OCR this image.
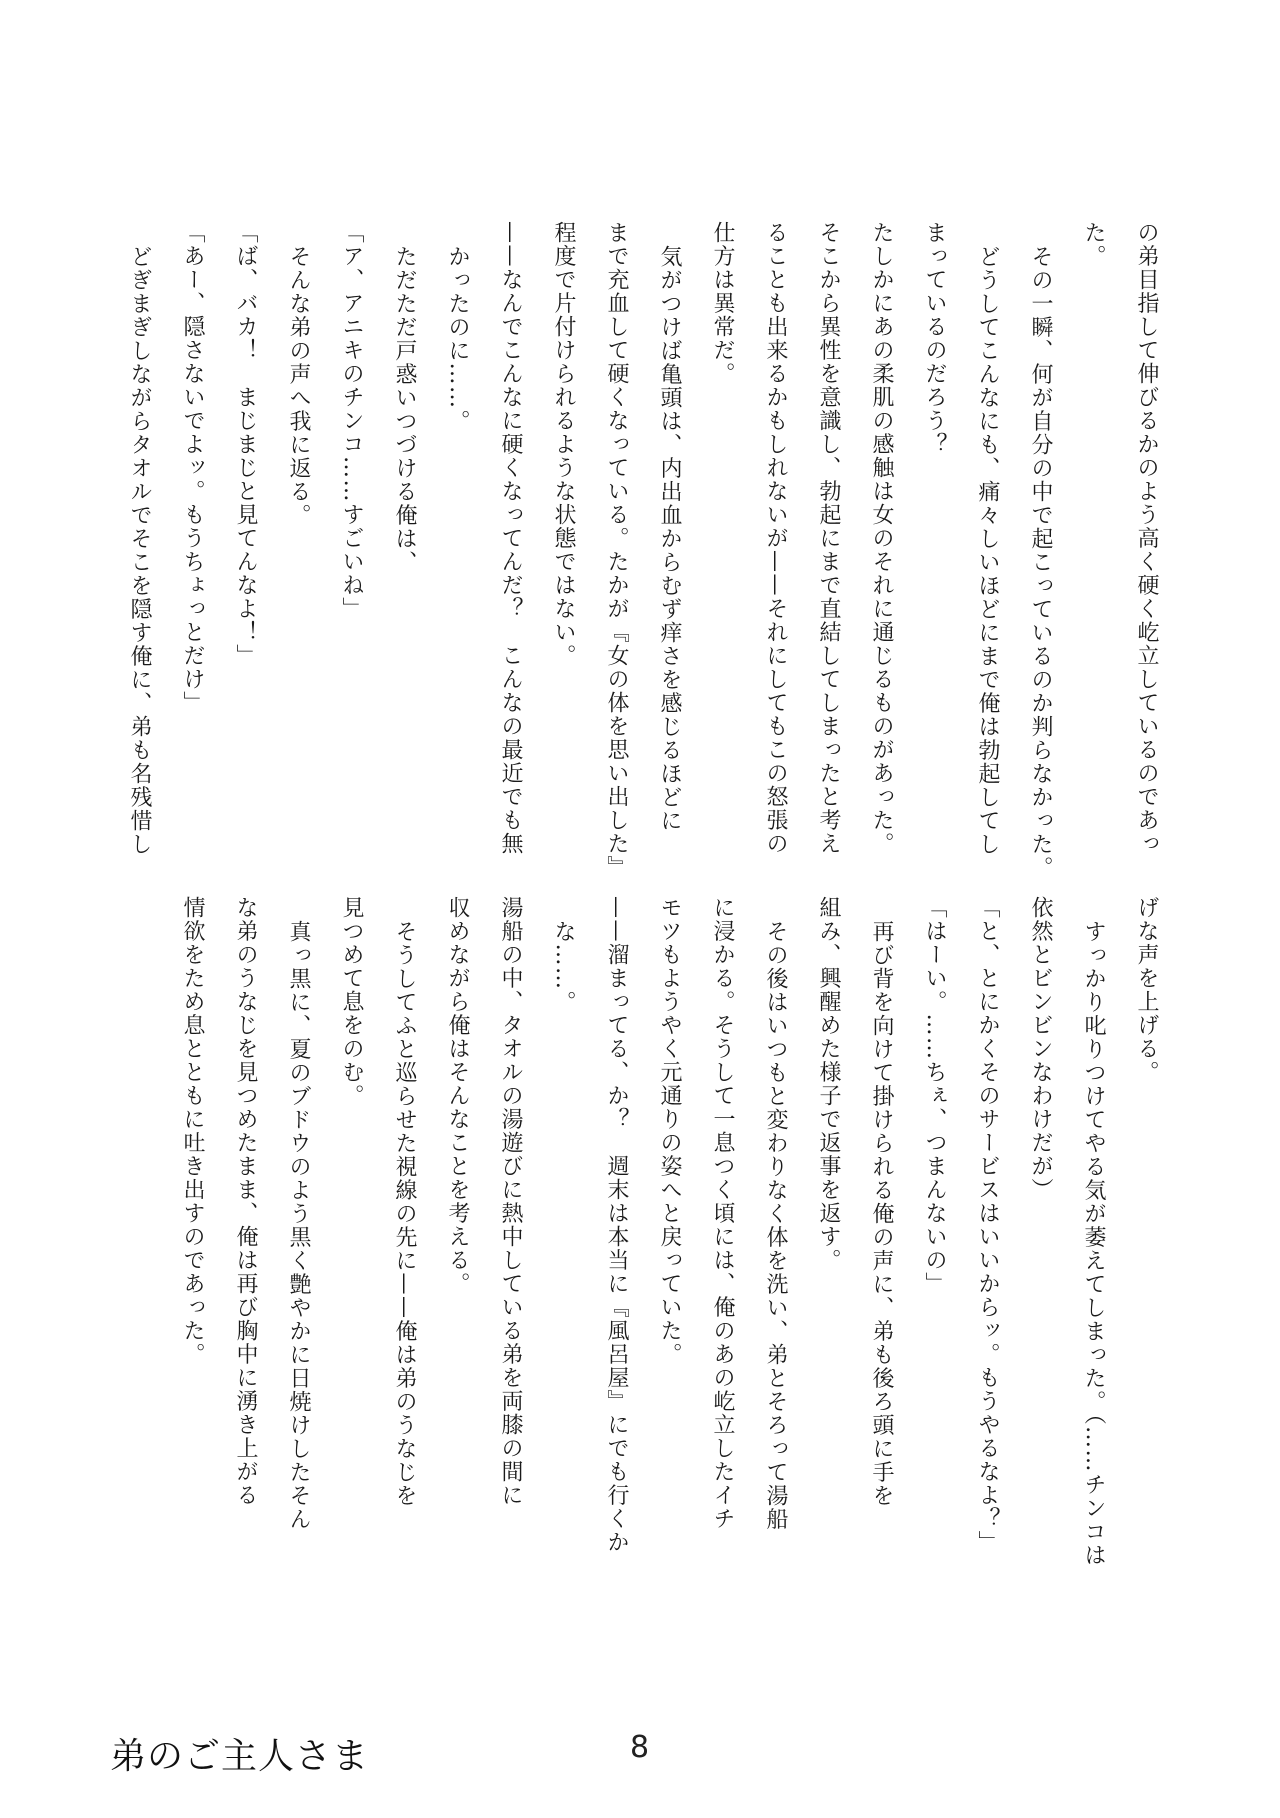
の弟目指して伸びるかのよう高く硬く屹立しているのであっ
た。
その一瞬、何が自分の中で起こっているのか判らなかった。
どうしてこんなにも、痛々しいほどにまで俺は勃起してし
まっているのだろう？
たしかにあの柔肌の感触は女のそれに通じるものがあった。
そこから異性を意識し、勃起にまで直結してしまったと考え
ることも出来るかもしれないが——それにしてもこの怒張の
仕方は異常だ。
気がつけば亀頭は、内出血からむず痒さを感じるほどに
まで充血して硬くなっている。たかが『女の体を思い出した』
程度で片付けられるような状態ではない。
——なんでこんなに硬くなってんだ？　こんなの最近でも無
かったのに……。
ただただ戸惑いつづける俺は、
「ア、アニキのチンコ……すごいね」
そんな弟の声へ我に返る。
「ば、バカ！　まじまじと見てんなよ！」
「あー、隠さないでよッ。もうちょっとだけ」
どぎまぎしながらタオルでそこを隠す俺に、弟も名残惜し
げな声を上げる。
すっかり叱りつけてやる気が萎えてしまった。（……チンコは
依然とビンビンなわけだが）
「と、とにかくそのサービスはいいからッ。もうやるなよ？」
「はーい。……ちぇ、つまんないの」
再び背を向けて掛けられる俺の声に、弟も後ろ頭に手を
組み、興醒めた様子で返事を返す。
その後はいつもと変わりなく体を洗い、弟とそろって湯船
に浸かる。そうして一息つく頃には、俺のあの屹立したイチ
モツもようやく元通りの姿へと戻っていた。
——溜まってる、か？　週末は本当に『風呂屋』にでも行くか
な……。
湯船の中、タオルの湯遊びに熱中している弟を両膝の間に
収めながら俺はそんなことを考える。
そうしてふと巡らせた視線の先に——俺は弟のうなじを
見つめて息をのむ。
真っ黒に、夏のブドウのよう黒く艶やかに日焼けしたそん
な弟のうなじを見つめたまま、俺は再び胸中に湧き上がる
情欲をため息とともに吐き出すのであった。
弟のご主人さま	8
